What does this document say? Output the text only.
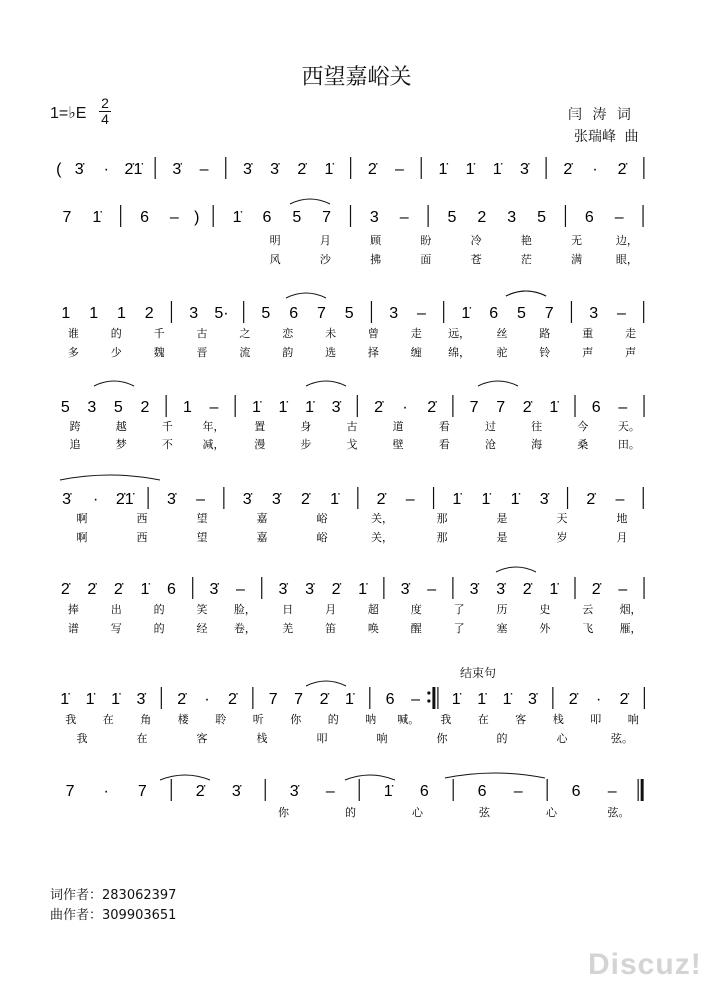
西望嘉峪关
1=♭E
2
4	闫 涛 词
张瑞峰 曲
结束句
( 3̇ · 2̇1̇ 3̇ – 3̇ 3̇ 2̇ 1̇ 2̇ – 1̇ 1̇ 1̇ 3̇ 2̇ · 2̇
7 1̇ 6 – ) 1̇ 6 5 7 3 – 5 2 3 5 6 –
明	月	顾	盼	冷	艳	无	边，
风	沙	拂	面	苍	茫	满	眼，
1 1 1 2 3 5· 5 6 7 5 3 – 1̇ 6 5 7 3 –
谁	的	千	古	之	恋	未	曾	走 远， 丝	路	重	走
多	少	魏	晋	流	韵	选	择	缠 绵， 驼	铃	声	声
5 3 5 2 1 – 1̇ 1̇ 1̇ 3̇ 2̇ · 2̇ 7 7 2̇ 1̇ 6 –
跨	越	千	年，	置	身	古	道	看	过	往	今	天。
追	梦	不	减，	漫	步	戈	壁	看	沧	海	桑	田。
3̇ · 2̇1̇ 3̇ – 3̇ 3̇ 2̇ 1̇ 2̇ – 1̇ 1̇ 1̇ 3̇ 2̇ –
啊	西	望	嘉	峪	关，	那	是	天	地
啊	西	望	嘉	峪	关，	那	是	岁	月
2̇ 2̇ 2̇ 1̇ 6 3̇ – 3̇ 3̇ 2̇ 1̇ 3̇ – 3̇ 3̇ 2̇ 1̇ 2̇ –
捧	出	的	笑 脸， 日	月	超	度	了	历	史	云 烟，
谱	写	的	经 卷， 羌	笛	唤	醒	了	塞	外	飞 雁，
1̇ 1̇ 1̇ 3̇ 2̇ · 2̇ 7 7 2̇ 1̇ 6 – 1̇ 1̇ 1̇ 3̇ 2̇ · 2̇
我 在 角 楼 聆 听 你 的 呐 喊。 我 在 客 栈 叩 响
我	在	客	栈	叩	响	你	的	心	弦。
7 · 7	2̇ 3̇	3̇ –	1̇ 6	6 –	6 –
你	的	心	弦	心	弦。
词作者：283062397
曲作者：309903651
Discuz!
